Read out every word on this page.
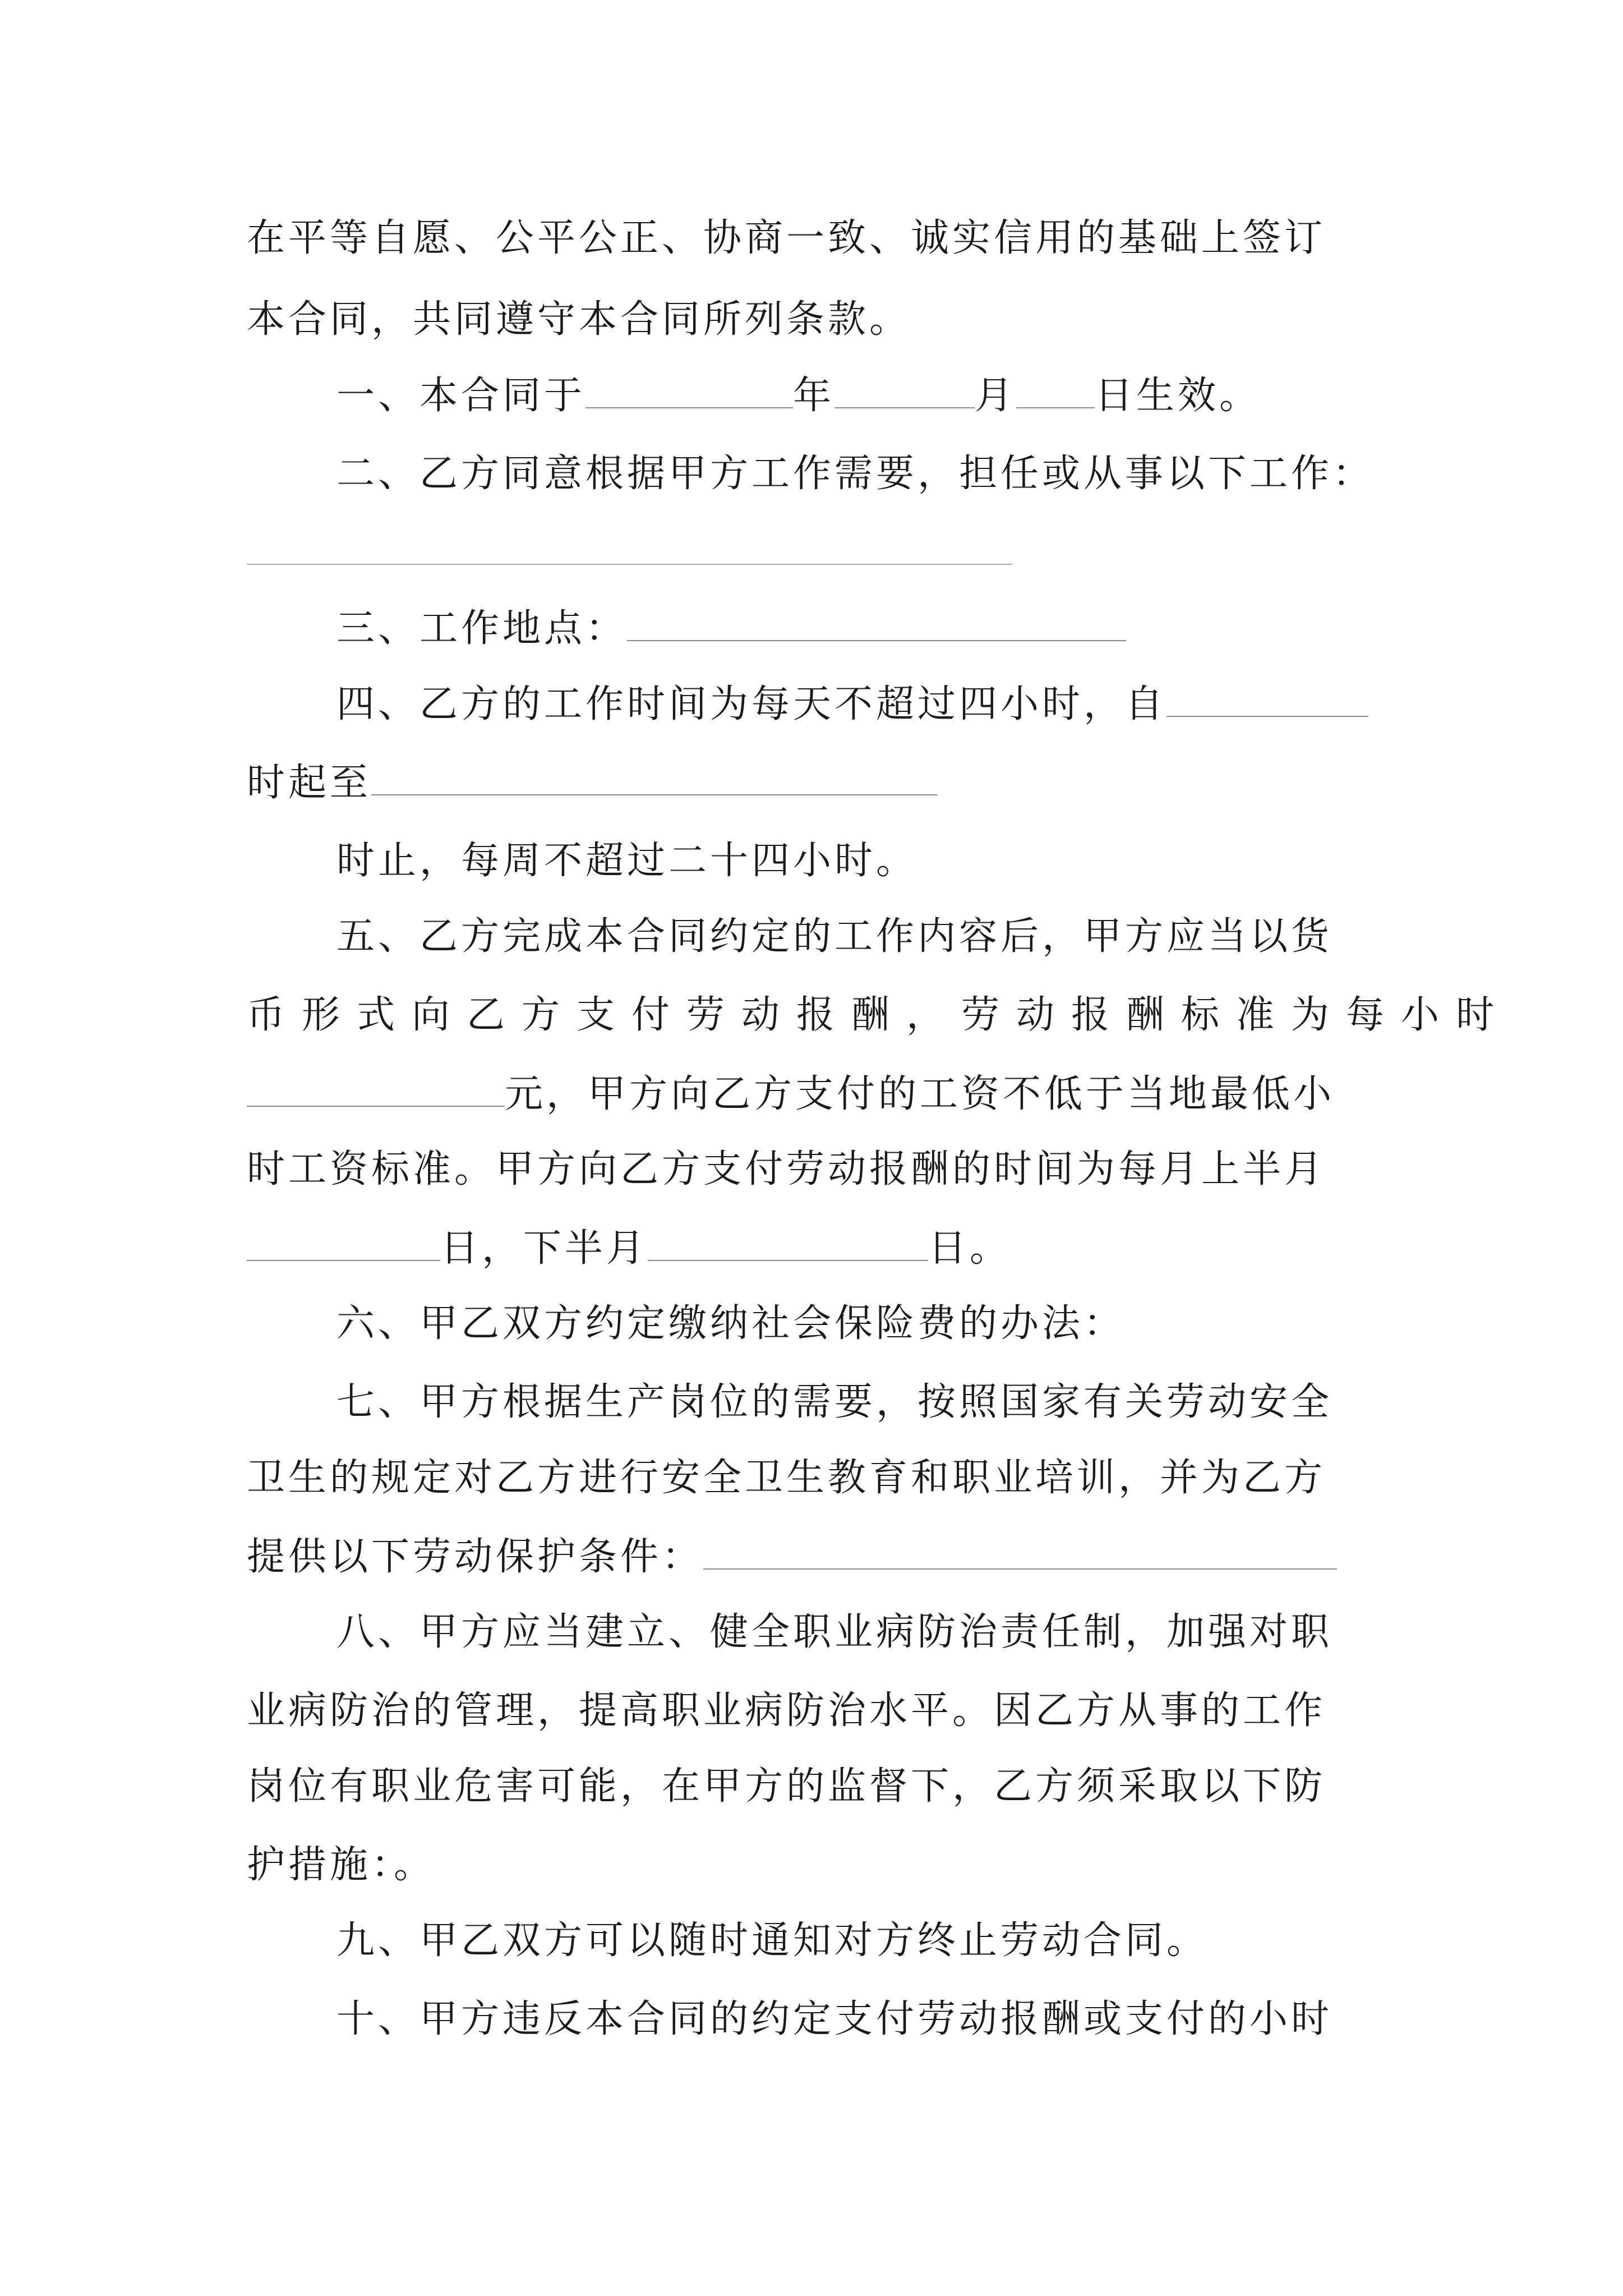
在平等自愿、公平公正、协商一致、诚实信用的基础上签订
本合同，共同遵守本合同所列条款。
一、本合同于	年	月 日生效。
二、乙方同意根据甲方工作需要，担任或从事以下工作：
三、工作地点：
四、乙方的工作时间为每天不超过四小时，自
时起至
时止，每周不超过二十四小时。
五、乙方完成本合同约定的工作内容后，甲方应当以货
币形式向乙方支付劳动报酬，劳动报酬标准为每小时
元，甲方向乙方支付的工资不低于当地最低小
时工资标准。甲方向乙方支付劳动报酬的时间为每月上半月
日，下半月	日。
六、甲乙双方约定缴纳社会保险费的办法：
七、甲方根据生产岗位的需要，按照国家有关劳动安全
卫生的规定对乙方进行安全卫生教育和职业培训，并为乙方
提供以下劳动保护条件：
八、甲方应当建立、健全职业病防治责任制，加强对职
业病防治的管理，提高职业病防治水平。因乙方从事的工作
岗位有职业危害可能，在甲方的监督下，乙方须采取以下防
护措施：。
九、甲乙双方可以随时通知对方终止劳动合同。
十、甲方违反本合同的约定支付劳动报酬或支付的小时
